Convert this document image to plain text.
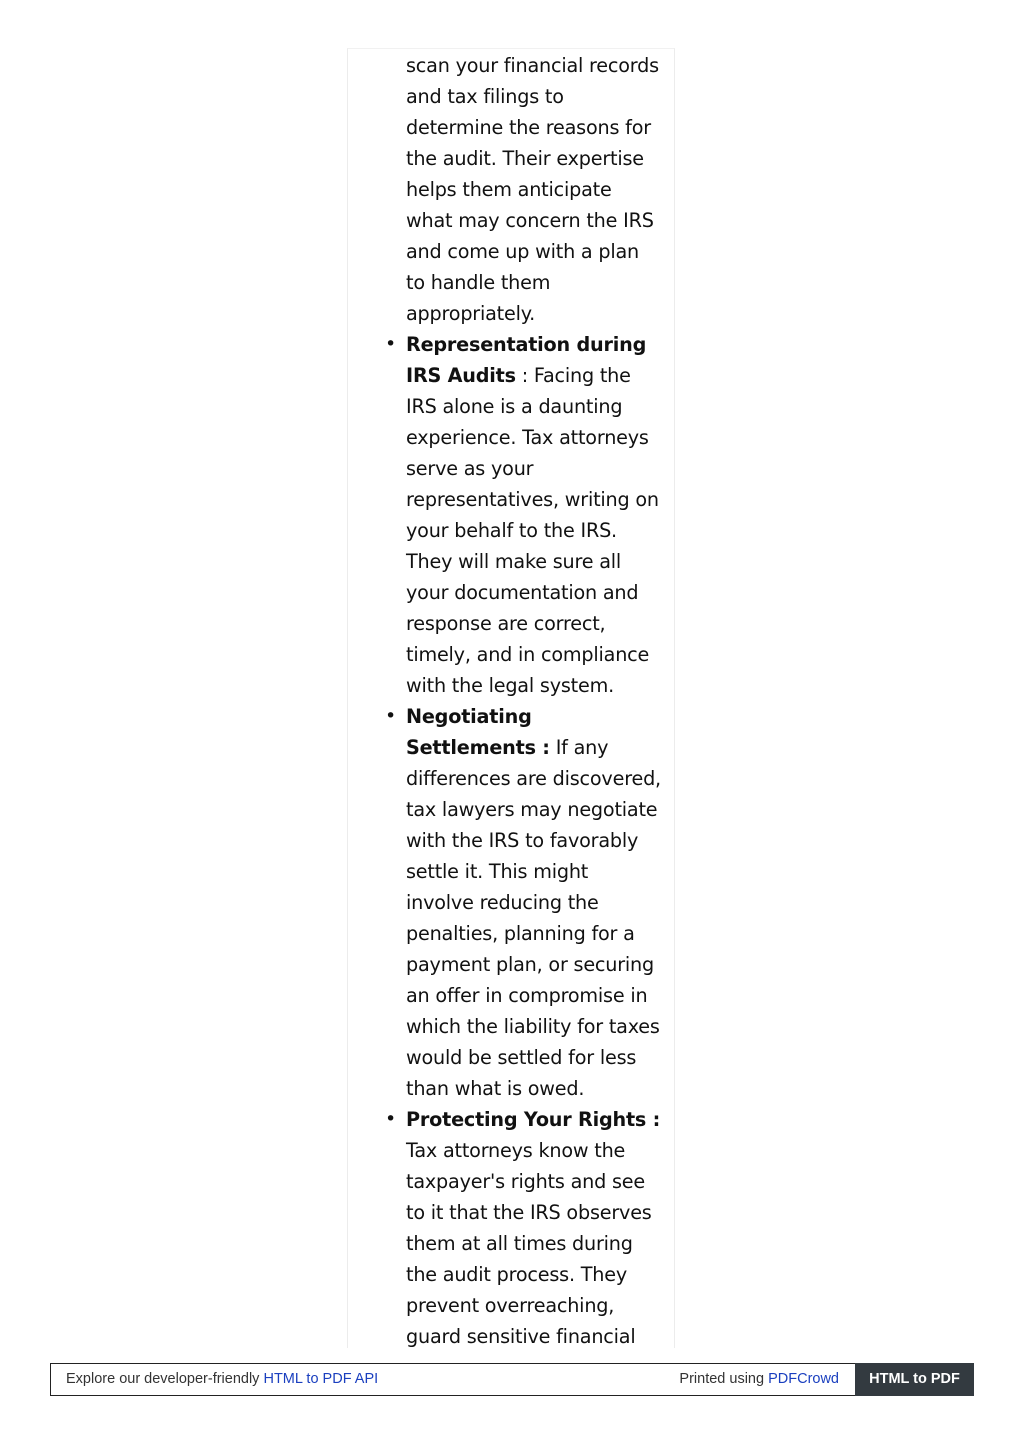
scan your financial records and tax filings to determine the reasons for the audit. Their expertise helps them anticipate what may concern the IRS and come up with a plan to handle them appropriately.

• Representation during IRS Audits : Facing the IRS alone is a daunting experience. Tax attorneys serve as your representatives, writing on your behalf to the IRS. They will make sure all your documentation and response are correct, timely, and in compliance with the legal system.
• Negotiating Settlements : If any differences are discovered, tax lawyers may negotiate with the IRS to favorably settle it. This might involve reducing the penalties, planning for a payment plan, or securing an offer in compromise in which the liability for taxes would be settled for less than what is owed.
• Protecting Your Rights : Tax attorneys know the taxpayer's rights and see to it that the IRS observes them at all times during the audit process. They prevent overreaching, guard sensitive financial
Explore our developer-friendly HTML to PDF API	Printed using PDFCrowd	HTML to PDF
